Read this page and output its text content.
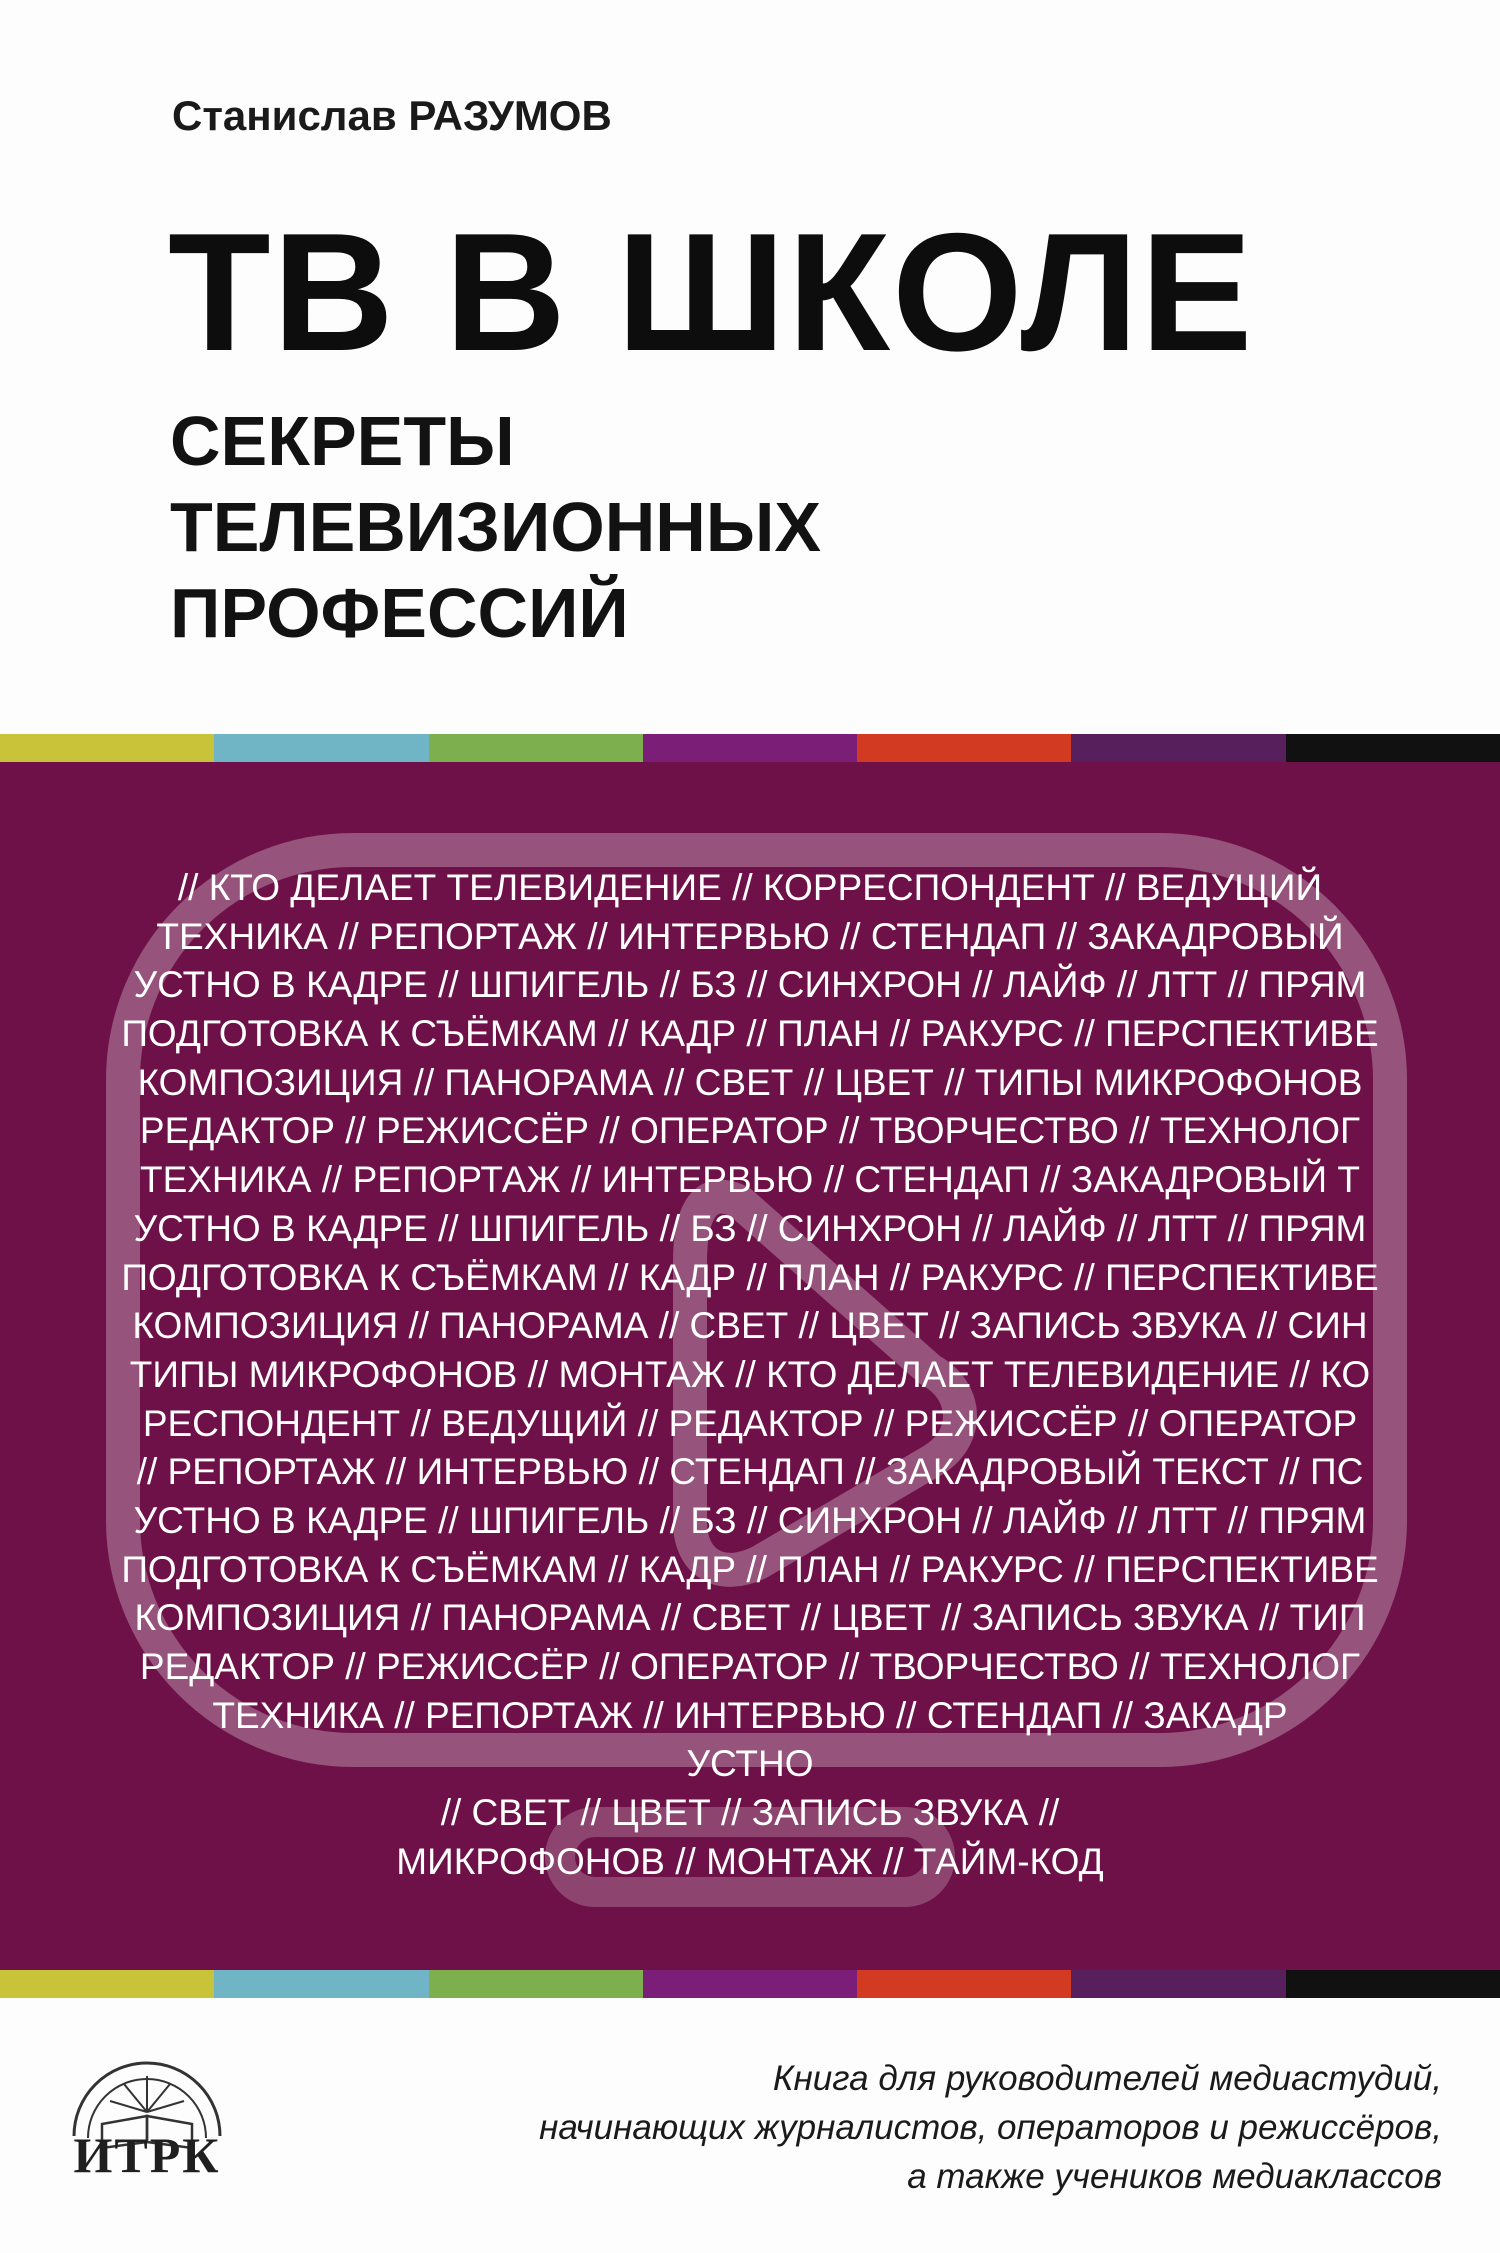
Станислав РАЗУМОВ
ТВ В ШКОЛЕ
СЕКРЕТЫ
ТЕЛЕВИЗИОННЫХ
ПРОФЕССИЙ
// КТО ДЕЛАЕТ ТЕЛЕВИДЕНИЕ // КОРРЕСПОНДЕНТ // ВЕДУЩИЙ
ТЕХНИКА // РЕПОРТАЖ // ИНТЕРВЬЮ // СТЕНДАП // ЗАКАДРОВЫЙ
УСТНО В КАДРЕ // ШПИГЕЛЬ // БЗ // СИНХРОН // ЛАЙФ // ЛТТ // ПРЯМ
ПОДГОТОВКА К СЪЁМКАМ // КАДР // ПЛАН // РАКУРС // ПЕРСПЕКТИВЕ
КОМПОЗИЦИЯ // ПАНОРАМА // СВЕТ // ЦВЕТ // ТИПЫ МИКРОФОНОВ
РЕДАКТОР // РЕЖИССЁР // ОПЕРАТОР // ТВОРЧЕСТВО // ТЕХНОЛОГ
ТЕХНИКА // РЕПОРТАЖ // ИНТЕРВЬЮ // СТЕНДАП // ЗАКАДРОВЫЙ Т
УСТНО В КАДРЕ // ШПИГЕЛЬ // БЗ // СИНХРОН // ЛАЙФ // ЛТТ // ПРЯМ
ПОДГОТОВКА К СЪЁМКАМ // КАДР // ПЛАН // РАКУРС // ПЕРСПЕКТИВЕ
КОМПОЗИЦИЯ // ПАНОРАМА // СВЕТ // ЦВЕТ // ЗАПИСЬ ЗВУКА // СИН
ТИПЫ МИКРОФОНОВ // МОНТАЖ // КТО ДЕЛАЕТ ТЕЛЕВИДЕНИЕ // КО
РЕСПОНДЕНТ // ВЕДУЩИЙ // РЕДАКТОР // РЕЖИССЁР // ОПЕРАТОР
// РЕПОРТАЖ // ИНТЕРВЬЮ // СТЕНДАП // ЗАКАДРОВЫЙ ТЕКСТ // ПС
УСТНО В КАДРЕ // ШПИГЕЛЬ // БЗ // СИНХРОН // ЛАЙФ // ЛТТ // ПРЯМ
ПОДГОТОВКА К СЪЁМКАМ // КАДР // ПЛАН // РАКУРС // ПЕРСПЕКТИВЕ
КОМПОЗИЦИЯ // ПАНОРАМА // СВЕТ // ЦВЕТ // ЗАПИСЬ ЗВУКА // ТИП
РЕДАКТОР // РЕЖИССЁР // ОПЕРАТОР // ТВОРЧЕСТВО // ТЕХНОЛОГ
ТЕХНИКА // РЕПОРТАЖ // ИНТЕРВЬЮ // СТЕНДАП // ЗАКАДР
УСТНО
// СВЕТ // ЦВЕТ // ЗАПИСЬ ЗВУКА //
МИКРОФОНОВ // МОНТАЖ // ТАЙМ-КОД
ИТРК
Книга для руководителей медиастудий,
начинающих журналистов, операторов и режиссёров,
а также учеников медиаклассов
